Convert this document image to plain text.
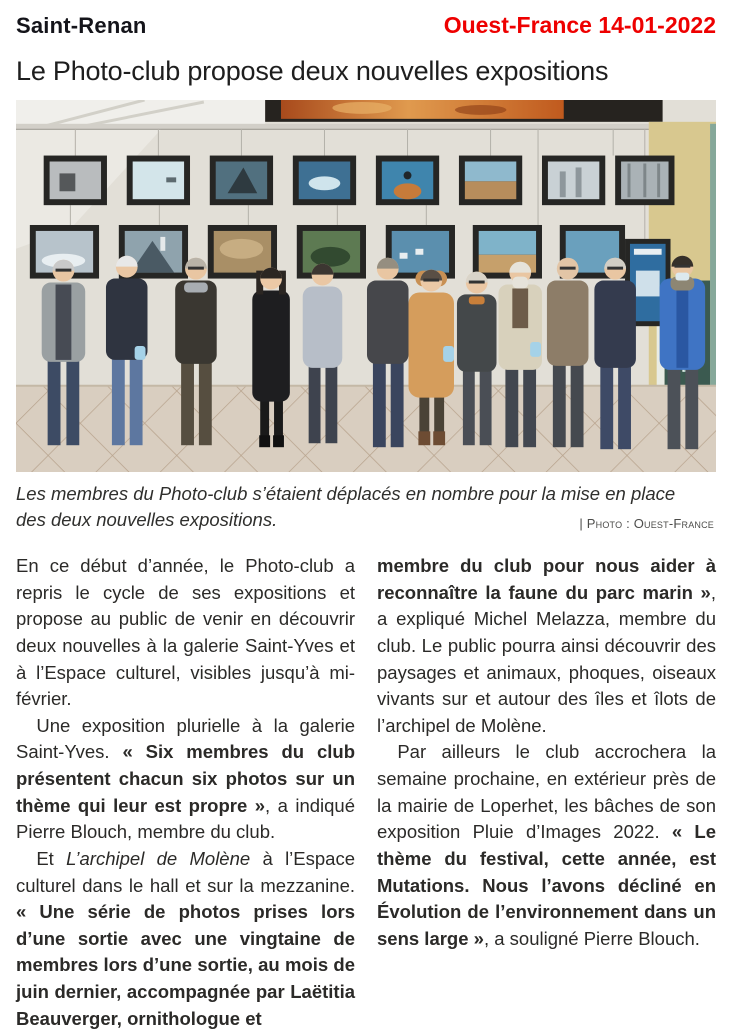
Saint-Renan	Ouest-France 14-01-2022
Le Photo-club propose deux nouvelles expositions

Les membres du Photo-club s’étaient déplacés en nombre pour la mise en place des deux nouvelles expositions.	| Photo : Ouest-France

En ce début d’année, le Photo-club a repris le cycle de ses expositions et propose au public de venir en découvrir deux nouvelles à la galerie Saint-Yves et à l’Espace culturel, visibles jusqu’à mi-février.

Une exposition plurielle à la galerie Saint-Yves. « Six membres du club présentent chacun six photos sur un thème qui leur est propre », a indiqué Pierre Blouch, membre du club.

Et L’archipel de Molène à l’Espace culturel dans le hall et sur la mezzanine. « Une série de photos prises lors d’une sortie avec une vingtaine de membres lors d’une sortie, au mois de juin dernier, accompagnée par Laëtitia Beauverger, ornithologue et

membre du club pour nous aider à reconnaître la faune du parc marin », a expliqué Michel Melazza, membre du club. Le public pourra ainsi découvrir des paysages et animaux, phoques, oiseaux vivants sur et autour des îles et îlots de l’archipel de Molène.

Par ailleurs le club accrochera la semaine prochaine, en extérieur près de la mairie de Loperhet, les bâches de son exposition Pluie d’Images 2022. « Le thème du festival, cette année, est Mutations. Nous l’avons décliné en Évolution de l’environnement dans un sens large », a souligné Pierre Blouch.
